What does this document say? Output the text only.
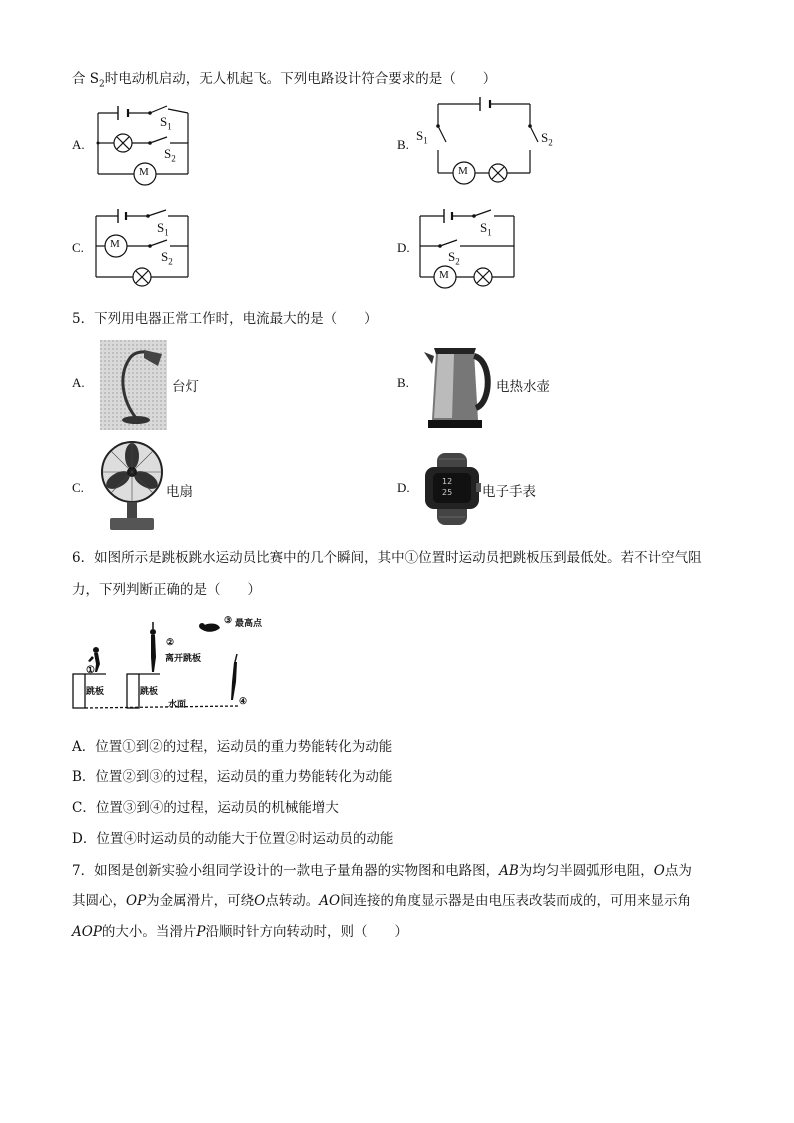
合 $S_2$时电动机启动，无人机起飞。下列电路设计符合要求的是（　　）
A.
M
$S_1$
$S_2$
B.
M
$S_1$	$S_2$
C. M
$S_1$
$S_2$
D.
M
$S_1$
$S_2$
5．下列用电器正常工作时，电流最大的是（　　）
A.	台灯	B.	电热水壶
C.	电扇	D.	12
25 电子手表
6．如图所示是跳板跳水运动员比赛中的几个瞬间，其中①位置时运动员把跳板压到最低处。若不计空气阻
力，下列判断正确的是（　　）
①
②
离开跳板
③ 最高点
④
跳板	跳板
水面
A．位置①到②的过程，运动员的重力势能转化为动能
B．位置②到③的过程，运动员的重力势能转化为动能
C．位置③到④的过程，运动员的机械能增大
D．位置④时运动员的动能大于位置②时运动员的动能
7．如图是创新实验小组同学设计的一款电子量角器的实物图和电路图，AB为均匀半圆弧形电阻，O点为
其圆心，OP为金属滑片，可绕O点转动。AO间连接的角度显示器是由电压表改装而成的，可用来显示角
AOP的大小。当滑片P沿顺时针方向转动时，则（　　）
